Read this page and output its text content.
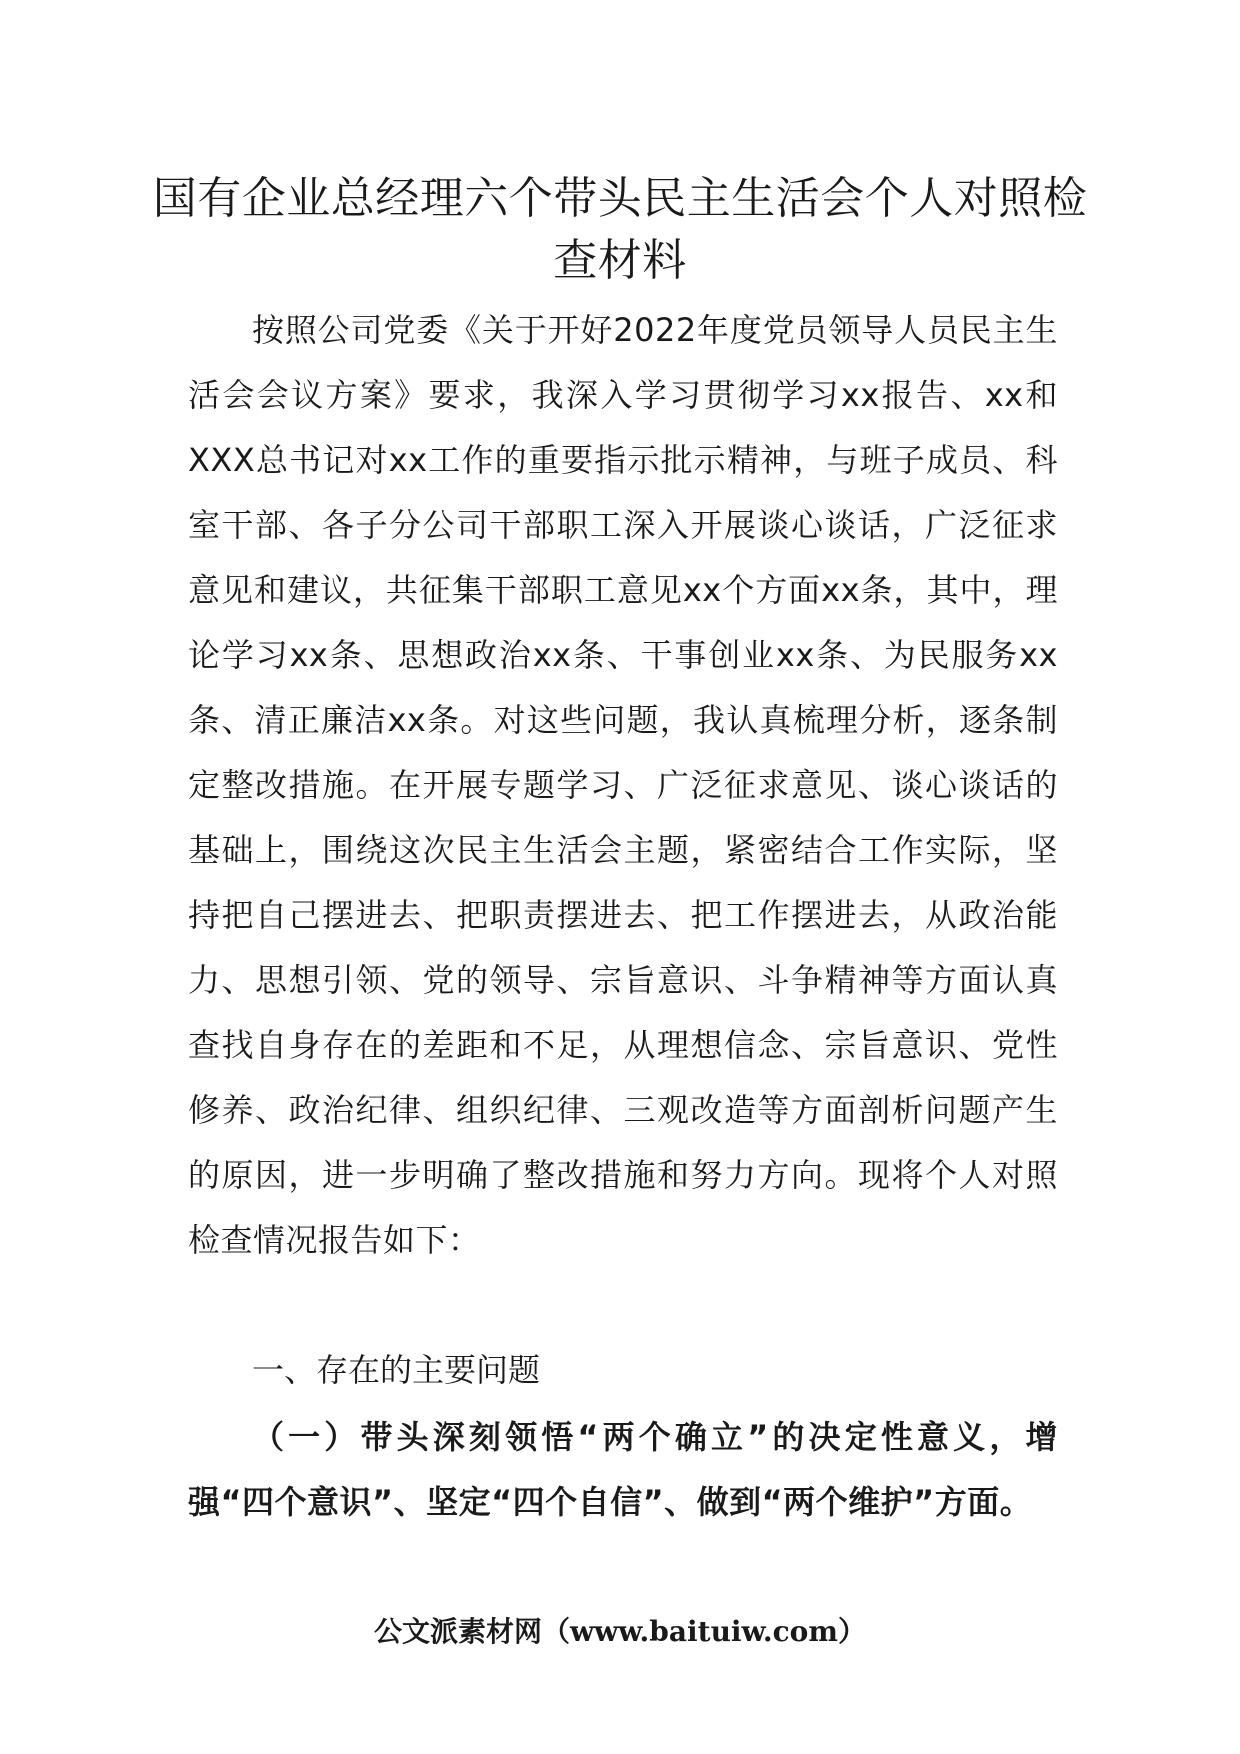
国有企业总经理六个带头民主生活会个人对照检查材料

按照公司党委《关于开好2022年度党员领导人员民主生活会会议方案》要求，我深入学习贯彻学习xx报告、xx和XXX总书记对xx工作的重要指示批示精神，与班子成员、科室干部、各子分公司干部职工深入开展谈心谈话，广泛征求意见和建议，共征集干部职工意见xx个方面xx条，其中，理论学习xx条、思想政治xx条、干事创业xx条、为民服务xx条、清正廉洁xx条。对这些问题，我认真梳理分析，逐条制定整改措施。在开展专题学习、广泛征求意见、谈心谈话的基础上，围绕这次民主生活会主题，紧密结合工作实际，坚持把自己摆进去、把职责摆进去、把工作摆进去，从政治能力、思想引领、党的领导、宗旨意识、斗争精神等方面认真查找自身存在的差距和不足，从理想信念、宗旨意识、党性修养、政治纪律、组织纪律、三观改造等方面剖析问题产生的原因，进一步明确了整改措施和努力方向。现将个人对照检查情况报告如下：

一、存在的主要问题

（一）带头深刻领悟“两个确立”的决定性意义，增强“四个意识”、坚定“四个自信”、做到“两个维护”方面。

公文派素材网（www.baituiw.com）
